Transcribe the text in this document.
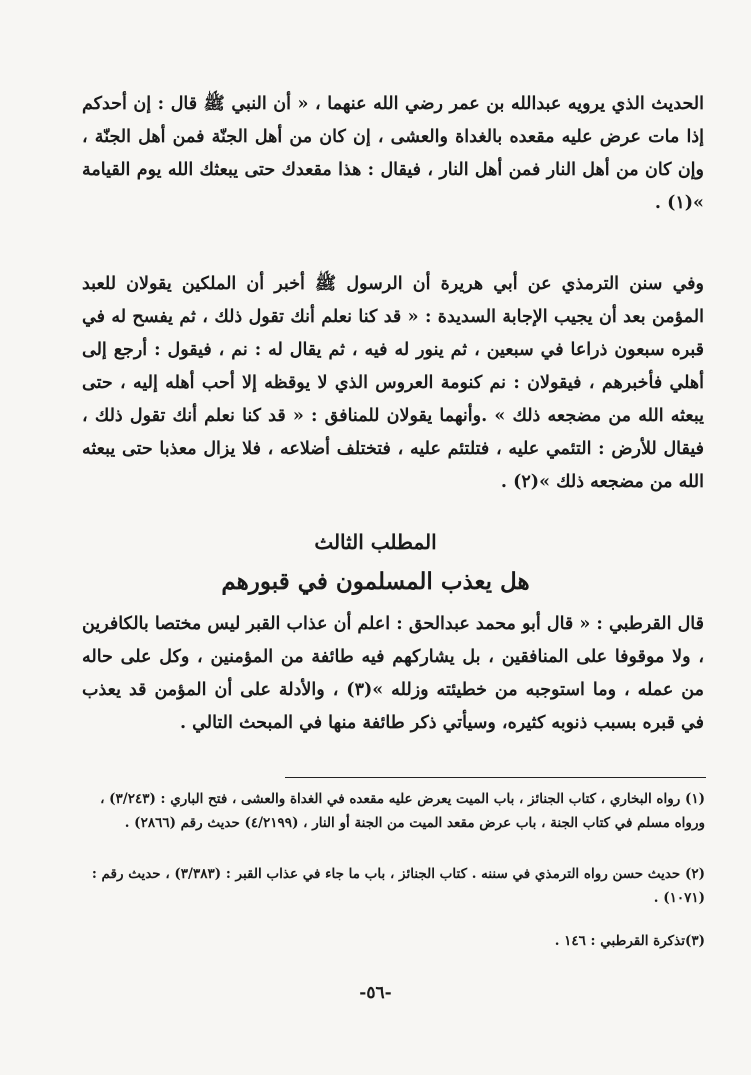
الحديث الذي يرويه عبدالله بن عمر رضي الله عنهما ، « أن النبي ﷺ قال : إن أحدكم إذا مات عرض عليه مقعده بالغداة والعشى ، إن كان من أهل الجنّة فمن أهل الجنّة ، وإن كان من أهل النار فمن أهل النار ، فيقال : هذا مقعدك حتى يبعثك الله يوم القيامة »(١) .
وفي سنن الترمذي عن أبي هريرة أن الرسول ﷺ أخبر أن الملكين يقولان للعبد المؤمن بعد أن يجيب الإجابة السديدة : « قد كنا نعلم أنك تقول ذلك ، ثم يفسح له في قبره سبعون ذراعا في سبعين ، ثم ينور له فيه ، ثم يقال له : نم ، فيقول : أرجع إلى أهلي فأخبرهم ، فيقولان : نم كنومة العروس الذي لا يوقظه إلا أحب أهله إليه ، حتى يبعثه الله من مضجعه ذلك » .وأنهما يقولان للمنافق : « قد كنا نعلم أنك تقول ذلك ، فيقال للأرض : التئمي عليه ، فتلتئم عليه ، فتختلف أضلاعه ، فلا يزال معذبا حتى يبعثه الله من مضجعه ذلك »(٢) .
المطلب الثالث
هل يعذب المسلمون في قبورهم
قال القرطبي : « قال أبو محمد عبدالحق : اعلم أن عذاب القبر ليس مختصا بالكافرين ، ولا موقوفا على المنافقين ، بل يشاركهم فيه طائفة من المؤمنين ، وكل على حاله من عمله ، وما استوجبه من خطيئته وزلله »(٣) ، والأدلة على أن المؤمن قد يعذب في قبره بسبب ذنوبه كثيره، وسيأتي ذكر طائفة منها في المبحث التالي .
(١) رواه البخاري ، كتاب الجنائز ، باب الميت يعرض عليه مقعده في الغداة والعشى ، فتح الباري : (٣/٢٤٣) ، ورواه مسلم في كتاب الجنة ، باب عرض مقعد الميت من الجنة أو النار ، (٤/٢١٩٩) حديث رقم (٢٨٦٦) .
(٢) حديث حسن رواه الترمذي في سننه . كتاب الجنائز ، باب ما جاء في عذاب القبر : (٣/٣٨٣) ، حديث رقم : (١٠٧١) .
(٣)تذكرة القرطبي : ١٤٦ .
-٥٦-
